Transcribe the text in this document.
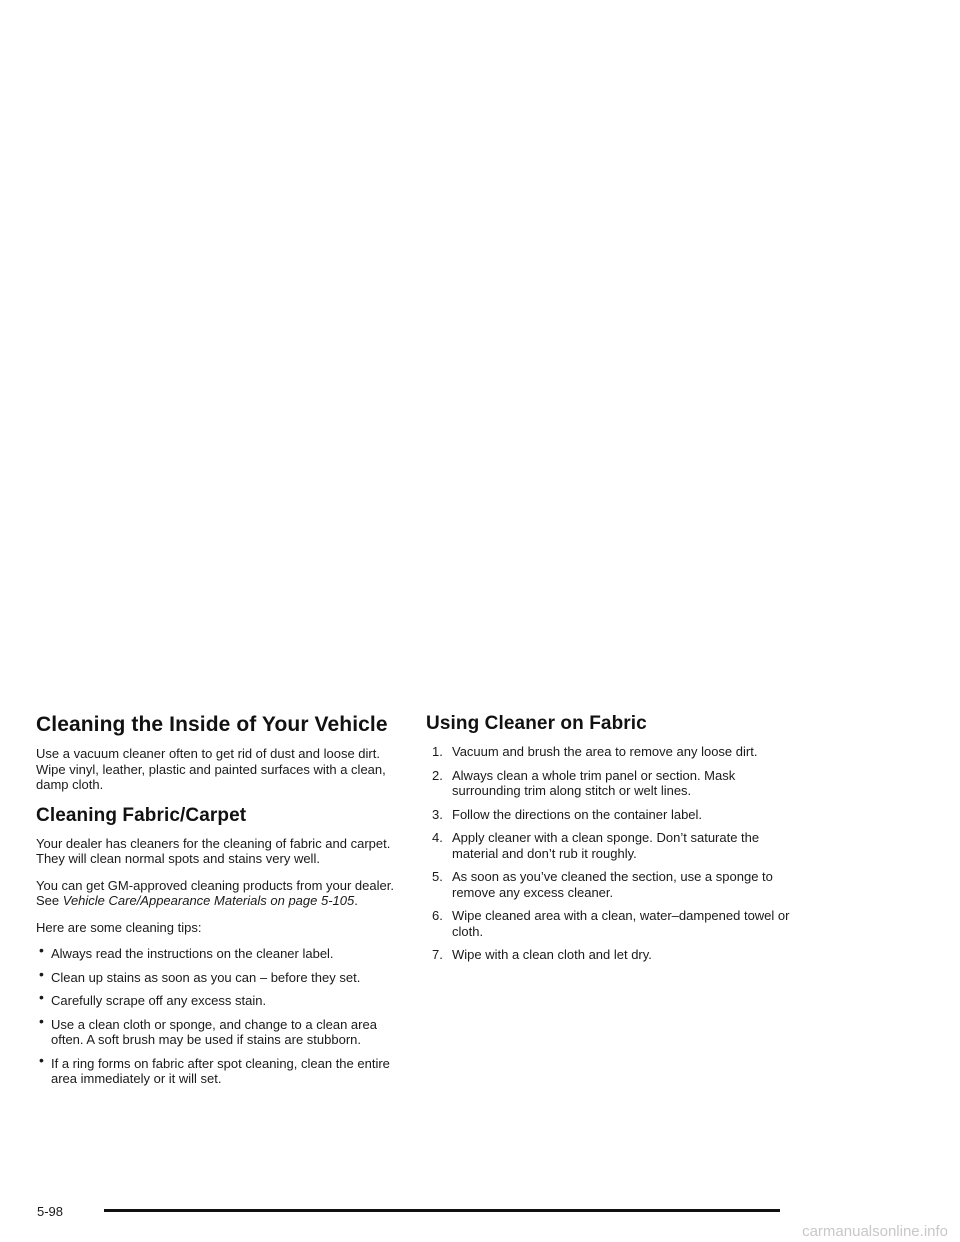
Cleaning the Inside of Your Vehicle

Use a vacuum cleaner often to get rid of dust and loose dirt. Wipe vinyl, leather, plastic and painted surfaces with a clean, damp cloth.

Cleaning Fabric/Carpet

Your dealer has cleaners for the cleaning of fabric and carpet. They will clean normal spots and stains very well.

You can get GM-approved cleaning products from your dealer. See Vehicle Care/Appearance Materials on page 5-105.

Here are some cleaning tips:

• Always read the instructions on the cleaner label.
• Clean up stains as soon as you can – before they set.
• Carefully scrape off any excess stain.
• Use a clean cloth or sponge, and change to a clean area often. A soft brush may be used if stains are stubborn.
• If a ring forms on fabric after spot cleaning, clean the entire area immediately or it will set.
Using Cleaner on Fabric
1. Vacuum and brush the area to remove any loose dirt.
2. Always clean a whole trim panel or section. Mask surrounding trim along stitch or welt lines.
3. Follow the directions on the container label.
4. Apply cleaner with a clean sponge. Don’t saturate the material and don’t rub it roughly.
5. As soon as you’ve cleaned the section, use a sponge to remove any excess cleaner.
6. Wipe cleaned area with a clean, water–dampened towel or cloth.
7. Wipe with a clean cloth and let dry.
5-98
carmanualsonline.info
